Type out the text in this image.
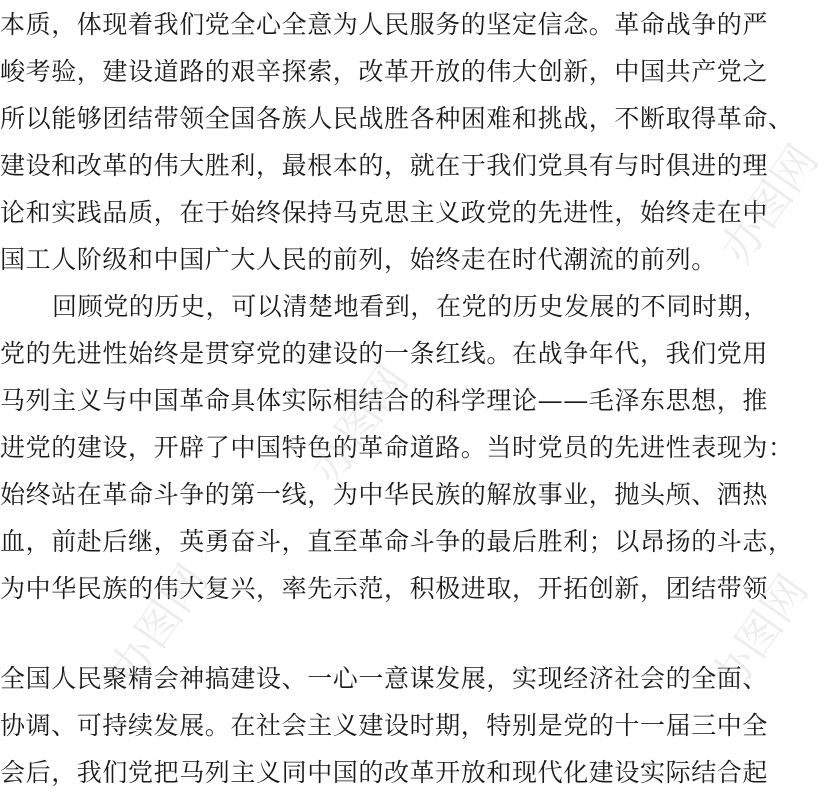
本质，体现着我们党全心全意为人民服务的坚定信念。革命战争的严
峻考验，建设道路的艰辛探索，改革开放的伟大创新，中国共产党之
所以能够团结带领全国各族人民战胜各种困难和挑战，不断取得革命、
建设和改革的伟大胜利，最根本的，就在于我们党具有与时俱进的理
论和实践品质，在于始终保持马克思主义政党的先进性，始终走在中
国工人阶级和中国广大人民的前列，始终走在时代潮流的前列。
回顾党的历史，可以清楚地看到，在党的历史发展的不同时期，
党的先进性始终是贯穿党的建设的一条红线。在战争年代，我们党用
马列主义与中国革命具体实际相结合的科学理论——毛泽东思想，推
进党的建设，开辟了中国特色的革命道路。当时党员的先进性表现为：
始终站在革命斗争的第一线，为中华民族的解放事业，抛头颅、洒热
血，前赴后继，英勇奋斗，直至革命斗争的最后胜利；以昂扬的斗志，
为中华民族的伟大复兴，率先示范，积极进取，开拓创新，团结带领
全国人民聚精会神搞建设、一心一意谋发展，实现经济社会的全面、
协调、可持续发展。在社会主义建设时期，特别是党的十一届三中全
会后，我们党把马列主义同中国的改革开放和现代化建设实际结合起
办图网
办图网
办图网	办图网
